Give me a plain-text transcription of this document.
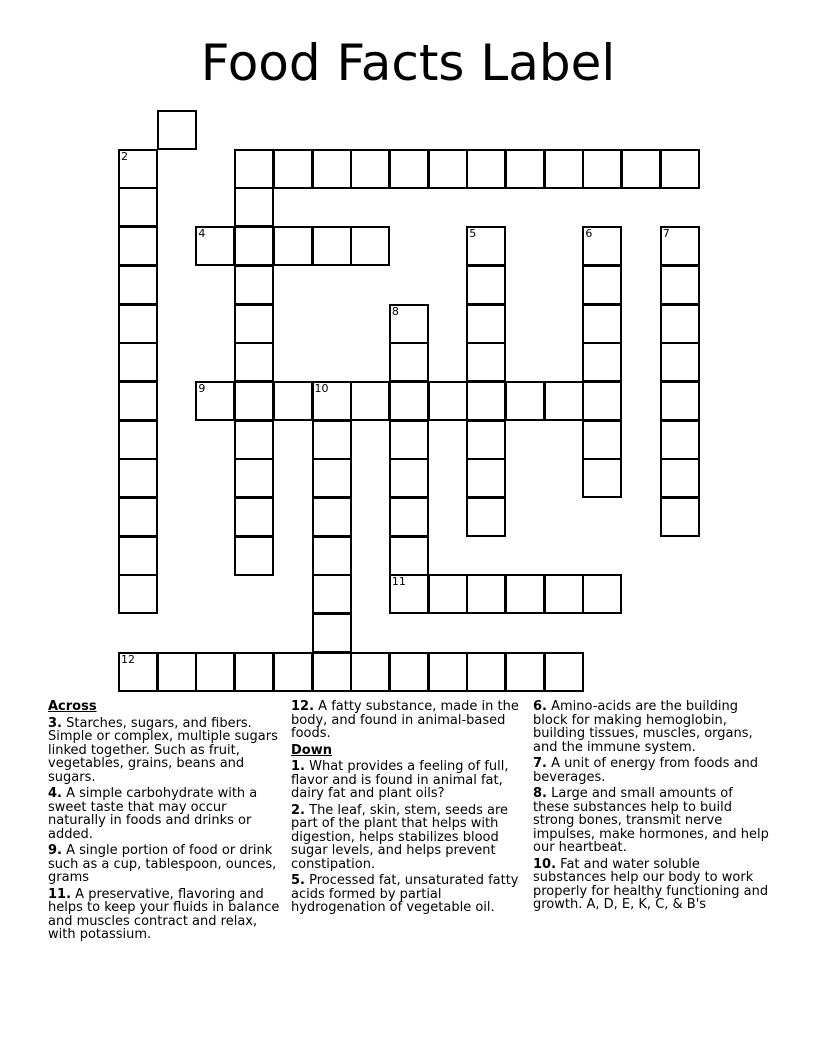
Food Facts Label
2
4	5	6	7
8
9	10
11
12
Across
3. Starches, sugars, and fibers. Simple or complex, multiple sugars linked together. Such as fruit, vegetables, grains, beans and sugars.
4. A simple carbohydrate with a sweet taste that may occur naturally in foods and drinks or added.
9. A single portion of food or drink such as a cup, tablespoon, ounces, grams
11. A preservative, flavoring and helps to keep your fluids in balance and muscles contract and relax, with potassium.
12. A fatty substance, made in the body, and found in animal-based foods.
Down
1. What provides a feeling of full, flavor and is found in animal fat, dairy fat and plant oils?
2. The leaf, skin, stem, seeds are part of the plant that helps with digestion, helps stabilizes blood sugar levels, and helps prevent constipation.
5. Processed fat, unsaturated fatty acids formed by partial hydrogenation of vegetable oil.
6. Amino-acids are the building block for making hemoglobin, building tissues, muscles, organs, and the immune system.
7. A unit of energy from foods and beverages.
8. Large and small amounts of these substances help to build strong bones, transmit nerve impulses, make hormones, and help our heartbeat.
10. Fat and water soluble substances help our body to work properly for healthy functioning and growth. A, D, E, K, C, & B's
